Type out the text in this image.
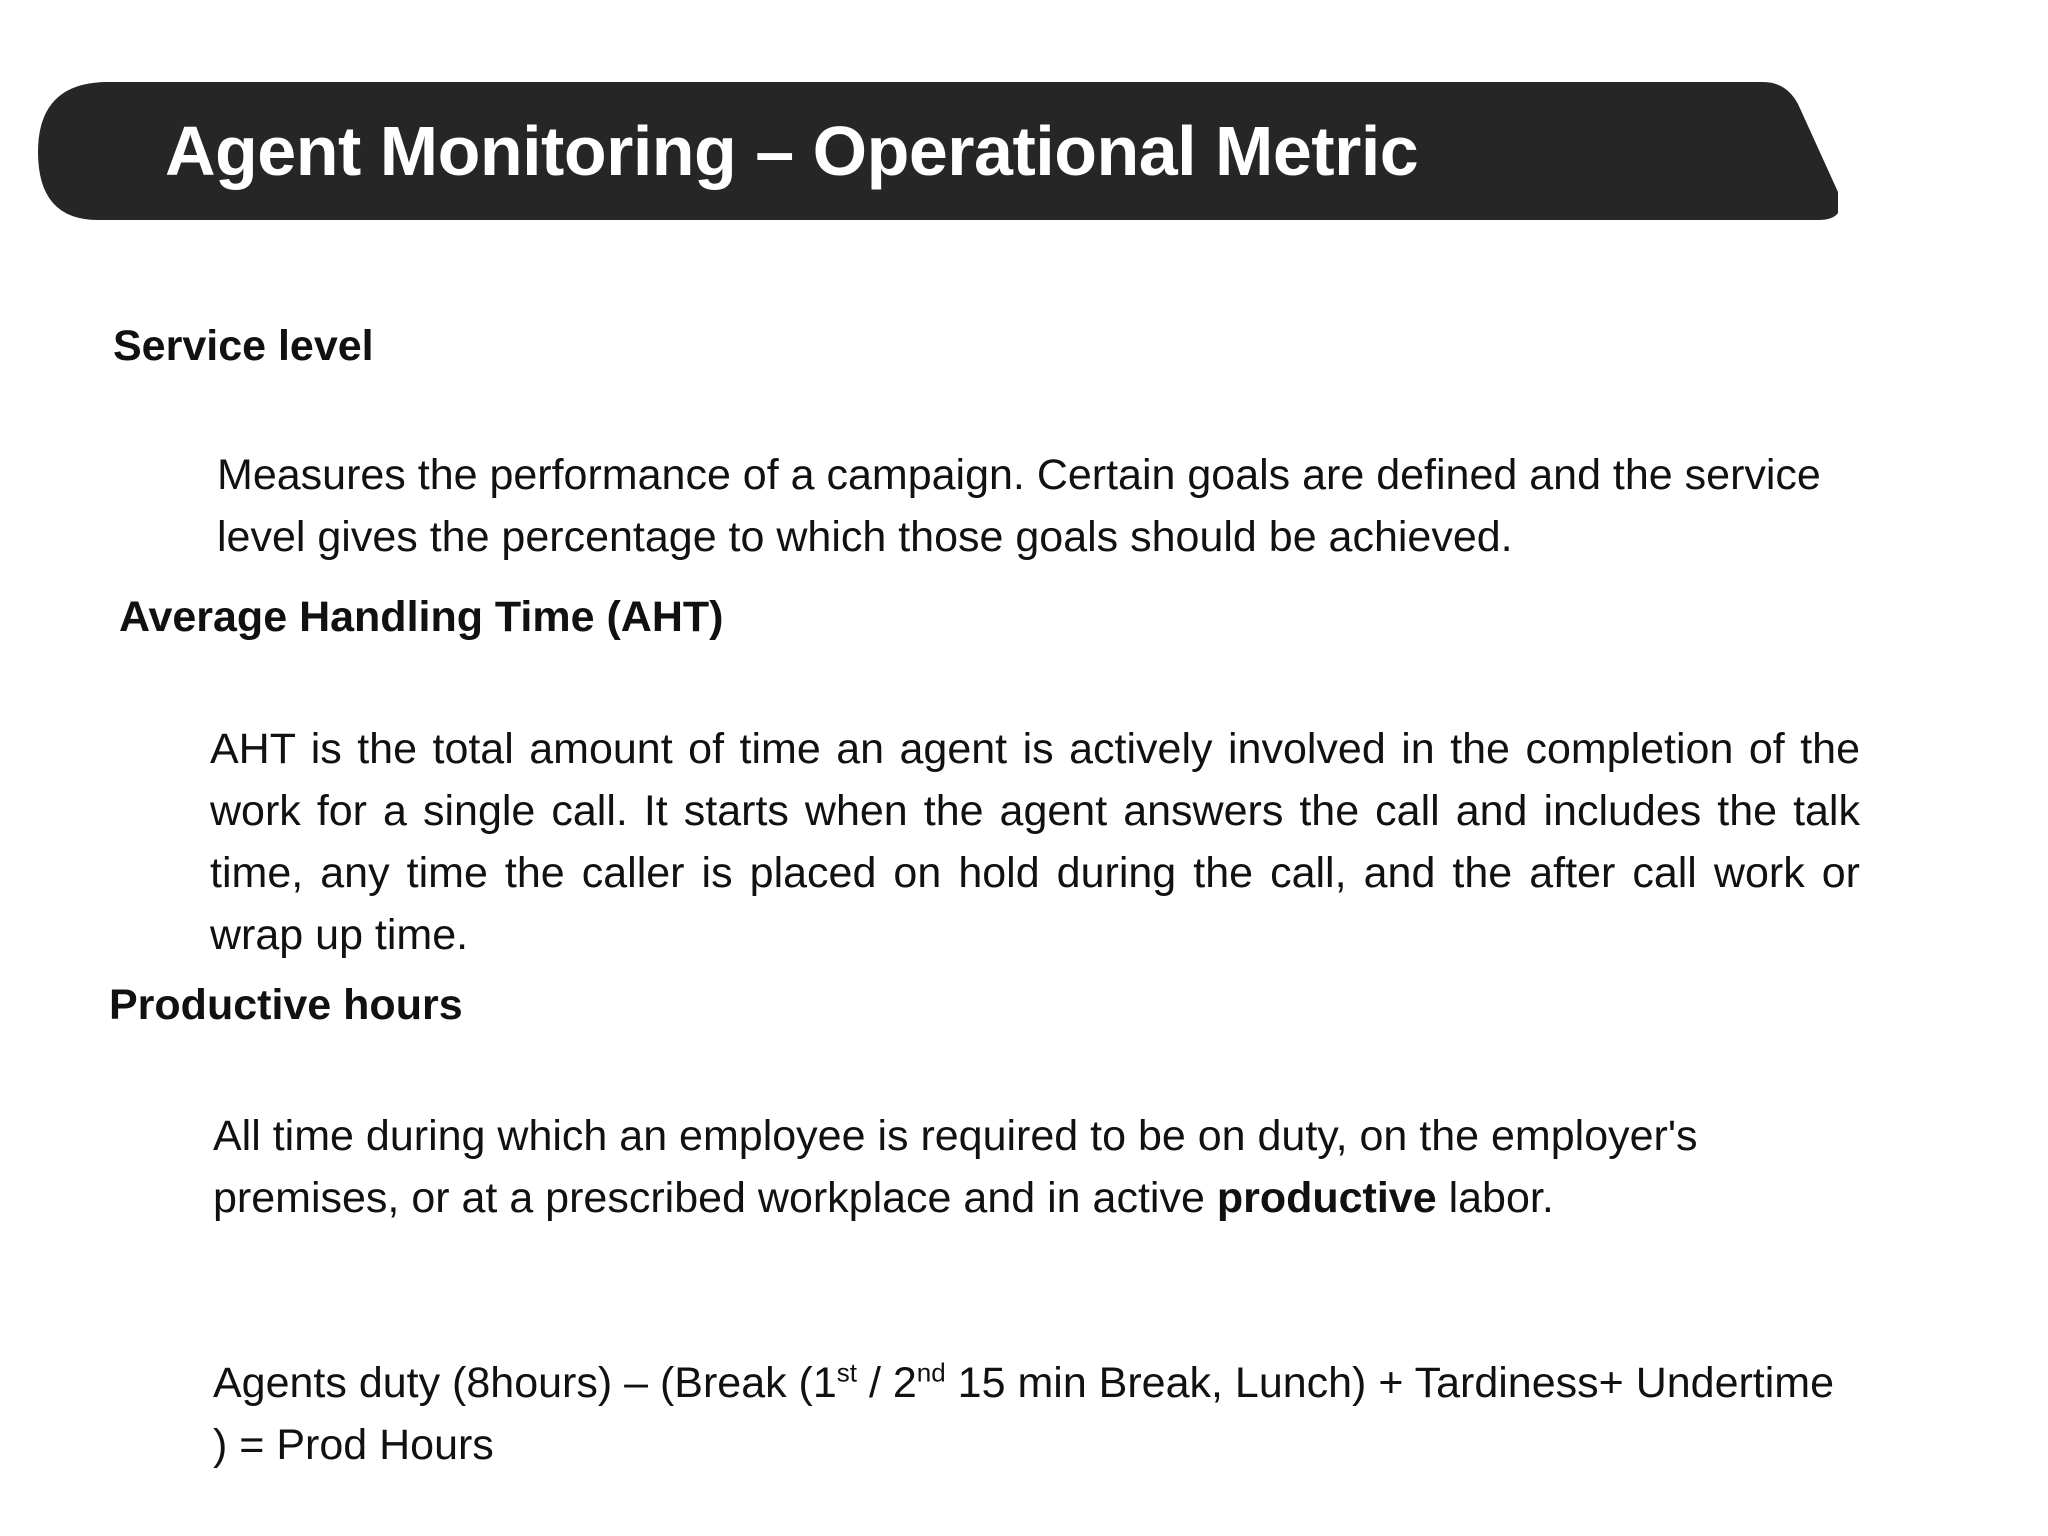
Agent Monitoring – Operational Metric
Service level

Measures the performance of a campaign. Certain goals are defined and the service level gives the percentage to which those goals should be achieved.

Average Handling Time (AHT)

AHT is the total amount of time an agent is actively involved in the completion of the work for a single call. It starts when the agent answers the call and includes the talk time, any time the caller is placed on hold during the call, and the after call work or wrap up time.

Productive hours

All time during which an employee is required to be on duty, on the employer's premises, or at a prescribed workplace and in active productive labor.

Agents duty (8hours) – (Break (1st / 2nd 15 min Break, Lunch) + Tardiness+ Undertime ) = Prod Hours
